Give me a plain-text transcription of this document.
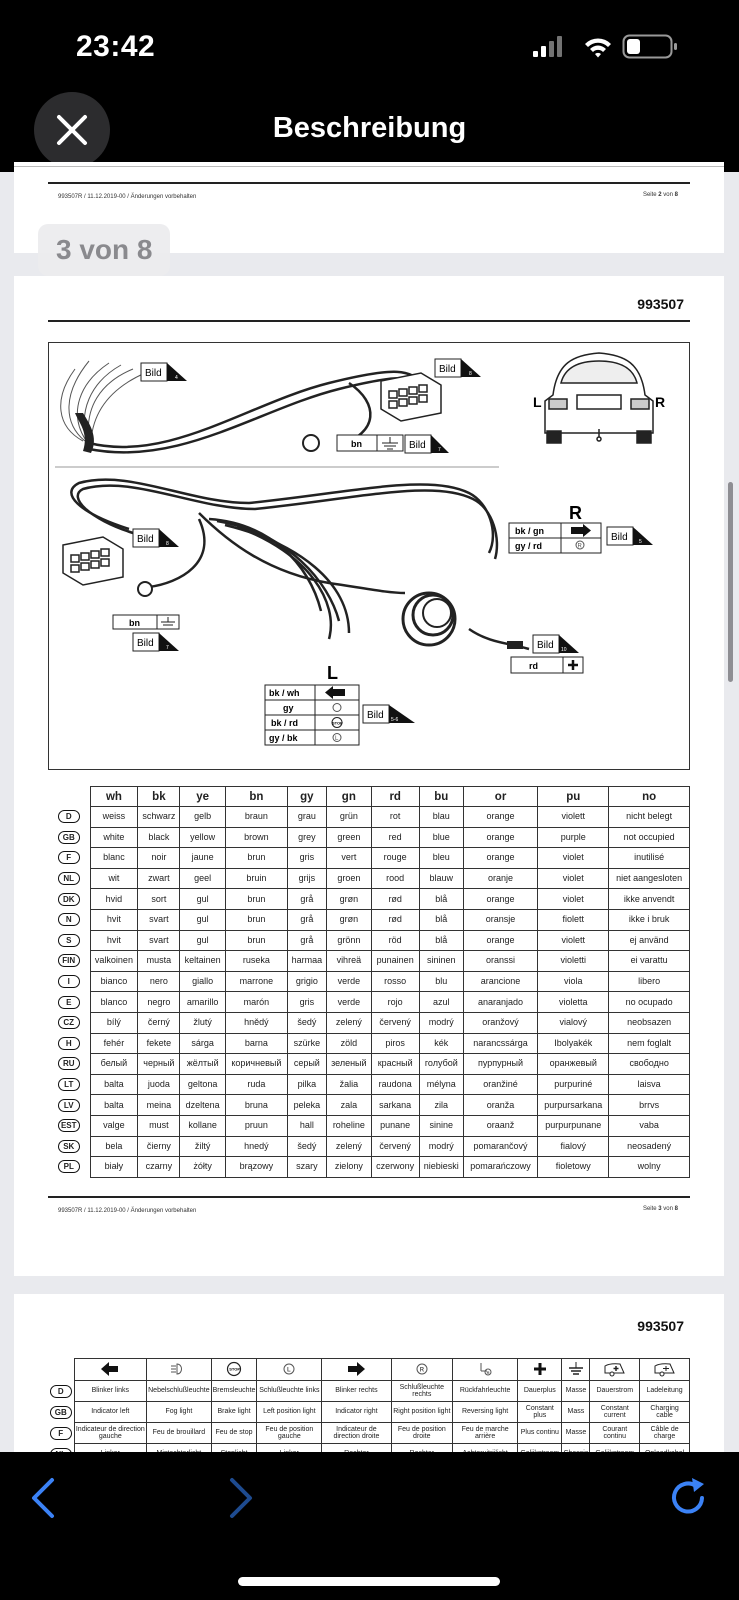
23:42
Beschreibung
993507R / 11.12.2019-00 / Änderungen vorbehalten	Seite 2 von 8
993507
Bild	4
Bild	8
bn	Bild 7
L	R
Bild 8
bn
Bild 7
R
bk / gn
gy / rd	R
Bild 5
Bild 10
rd
L
bk / wh
gy
bk / rd
gy / bk
STOP
L
Bild 5-6
	wh	bk	ye	bn	gy	gn	rd	bu	or	pu	no
D	weiss	schwarz	gelb	braun	grau	grün	rot	blau	orange	violett	nicht belegt
GB	white	black	yellow	brown	grey	green	red	blue	orange	purple	not occupied
F	blanc	noir	jaune	brun	gris	vert	rouge	bleu	orange	violet	inutilisé
NL	wit	zwart	geel	bruin	grijs	groen	rood	blauw	oranje	violet	niet aangesloten
DK	hvid	sort	gul	brun	grå	grøn	rød	blå	orange	violet	ikke anvendt
N	hvit	svart	gul	brun	grå	grøn	rød	blå	oransje	fiolett	ikke i bruk
S	hvit	svart	gul	brun	grå	grönn	röd	blå	orange	violett	ej använd
FIN	valkoinen	musta	keltainen	ruseka	harmaa	vihreä	punainen	sininen	oranssi	violetti	ei varattu
I	bianco	nero	giallo	marrone	grigio	verde	rosso	blu	arancione	viola	libero
E	blanco	negro	amarillo	marón	gris	verde	rojo	azul	anaranjado	violetta	no ocupado
CZ	bílý	černý	žlutý	hnědý	šedý	zelený	červený	modrý	oranžový	vialový	neobsazen
H	fehér	fekete	sárga	barna	szürke	zöld	piros	kék	narancssárga	Ibolyakék	nem foglalt
RU	белый	черный	жёлтый	коричневый	серый	зеленый	красный	голубой	пурпурный	оранжевый	свободно
LT	balta	juoda	geltona	ruda	pilka	žalia	raudona	mélyna	oranžiné	purpuriné	laisva
LV	balta	meina	dzeltena	bruna	peleka	zala	sarkana	zila	oranža	purpursarkana	brrvs
EST	valge	must	kollane	pruun	hall	roheline	punane	sinine	oraanž	purpurpunane	vaba
SK	bela	čierny	žiltý	hnedý	šedý	zelený	červený	modrý	pomarančový	fialový	neosadený
PL	biały	czarny	żółty	brązowy	szary	zielony	czerwony	niebieski	pomarańczowy	fioletowy	wolny
993507R / 11.12.2019-00 / Änderungen vorbehalten	Seite 3 von 8
993507

STOP	L		R	R

D	Blinker links	Nebelschlußleuchte	Bremsleuchte	Schlußleuchte links	Blinker rechts	Schlußleuchte rechts	Rückfahrleuchte	Dauerplus	Masse	Dauerstrom	Ladeleitung
GB	Indicator left	Fog light	Brake light	Left position light	Indicator right	Right position light	Reversing light	Constant plus	Mass	Constant current	Charging cable
F	Indicateur de direction gauche	Feu de brouillard	Feu de stop	Feu de position gauche	Indicateur de direction droite	Feu de position droite	Feu de marche arrière	Plus continu	Masse	Courant continu	Câble de charge

3 von 8
